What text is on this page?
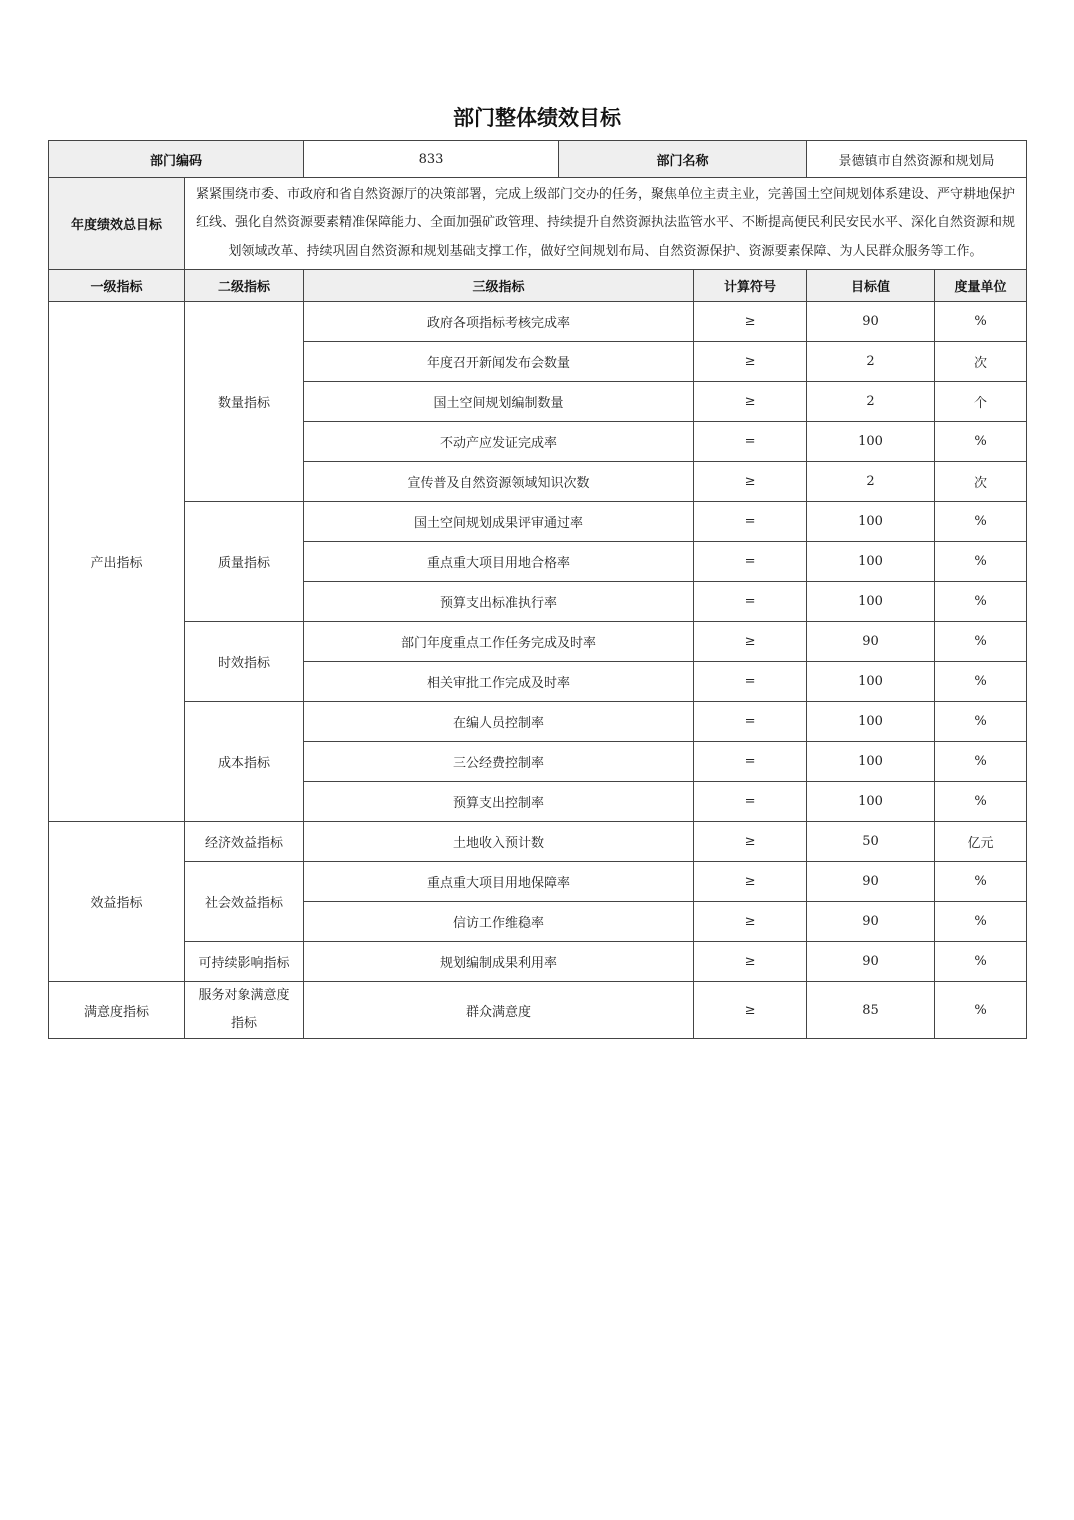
部门整体绩效目标
部门编码		833	部门名称		景德镇市自然资源和规划局	
年度绩效总目标	紧紧围绕市委、市政府和省自然资源厅的决策部署，完成上级部门交办的任务，聚焦单位主责主业，完善国土空间规划体系建设、严守耕地保护红线、强化自然资源要素精准保障能力、全面加强矿政管理、持续提升自然资源执法监管水平、不断提高便民利民安民水平、深化自然资源和规划领域改革、持续巩固自然资源和规划基础支撑工作，做好空间规划布局、自然资源保护、资源要素保障、为人民群众服务等工作。					
一级指标	二级指标	三级指标		计算符号	目标值	度量单位
产出指标	数量指标	政府各项指标考核完成率		≥	90	%
		年度召开新闻发布会数量		≥	2	次
		国土空间规划编制数量		≥	2	个
		不动产应发证完成率		=	100	%
		宣传普及自然资源领域知识次数		≥	2	次
	质量指标	国土空间规划成果评审通过率		=	100	%
		重点重大项目用地合格率		=	100	%
		预算支出标准执行率		=	100	%
	时效指标	部门年度重点工作任务完成及时率		≥	90	%
		相关审批工作完成及时率		=	100	%
	成本指标	在编人员控制率		=	100	%
		三公经费控制率		=	100	%
		预算支出控制率		=	100	%
效益指标	经济效益指标	土地收入预计数		≥	50	亿元
	社会效益指标	重点重大项目用地保障率		≥	90	%
		信访工作维稳率		≥	90	%
	可持续影响指标	规划编制成果利用率		≥	90	%
满意度指标	服务对象满意度指标	群众满意度		≥	85	%
